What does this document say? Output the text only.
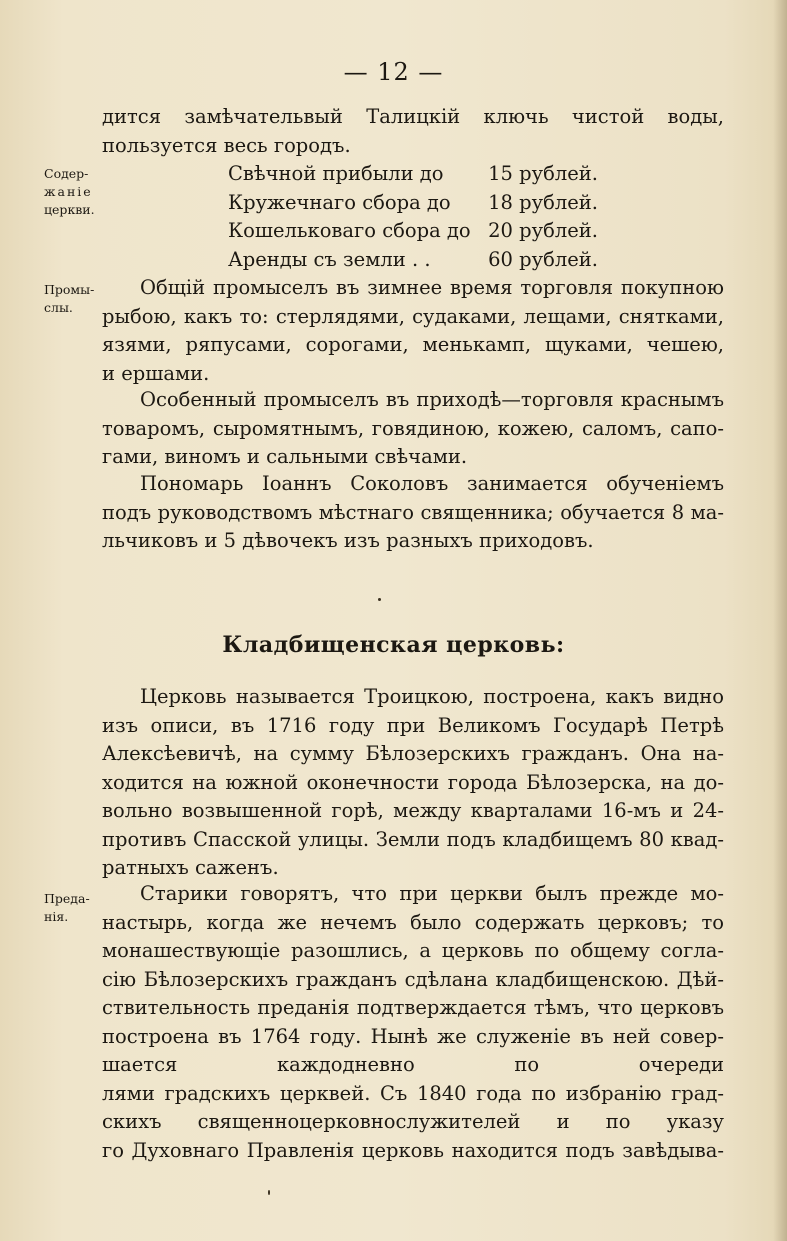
— 12 —
дится замѣчательвый Талицкій ключь чистой воды,
пользуется весь городъ.
Содер-
жаніе
церкви.
Свѣчной прибыли до 15 рублей.
Кружечнаго сбора до 18 рублей.
Кошельковаго сбора до 20 рублей.
Аренды съ земли . .	60 рублей.
Промы-
слы.
Общій промыселъ въ зимнее время торговля покупною
рыбою, какъ то: стерлядями, судаками, лещами, снятками,
язями, ряпусами, сорогами, менькамп, щуками, чешею,
и ершами.
Особенный промыселъ въ приходѣ—торговля краснымъ
товаромъ, сыромятнымъ, говядиною, кожею, саломъ, сапо-
гами, виномъ и сальными свѣчами.
Пономарь Іоаннъ Соколовъ занимается обученіемъ
подъ руководствомъ мѣстнаго священника; обучается 8 ма-
льчиковъ и 5 дѣвочекъ изъ разныхъ приходовъ.
Кладбищенская церковь:
Церковь называется Троицкою, построена, какъ видно
изъ описи, въ 1716 году при Великомъ Государѣ Петрѣ
Алексѣевичѣ, на сумму Бѣлозерскихъ гражданъ. Она на-
ходится на южной оконечности города Бѣлозерска, на до-
вольно возвышенной горѣ, между кварталами 16-мъ и 24-
противъ Спасской улицы. Земли подъ кладбищемъ 80 квад-
ратныхъ саженъ.
Преда-
нія.
Старики говорятъ, что при церкви былъ прежде мо-
настырь, когда же нечемъ было содержать церковъ; то
монашествующіе разошлись, а церковь по общему согла-
сію Бѣлозерскихъ гражданъ сдѣлана кладбищенскою. Дѣй-
ствительность преданія подтверждается тѣмъ, что церковъ
построена въ 1764 году. Нынѣ же служеніе въ ней совер-
шается каждодневно по очереди
лями градскихъ церквей. Съ 1840 года по избранію град-
скихъ священноцерковнослужителей и по указу
го Духовнаго Правленія церковь находится подъ завѣдыва-
